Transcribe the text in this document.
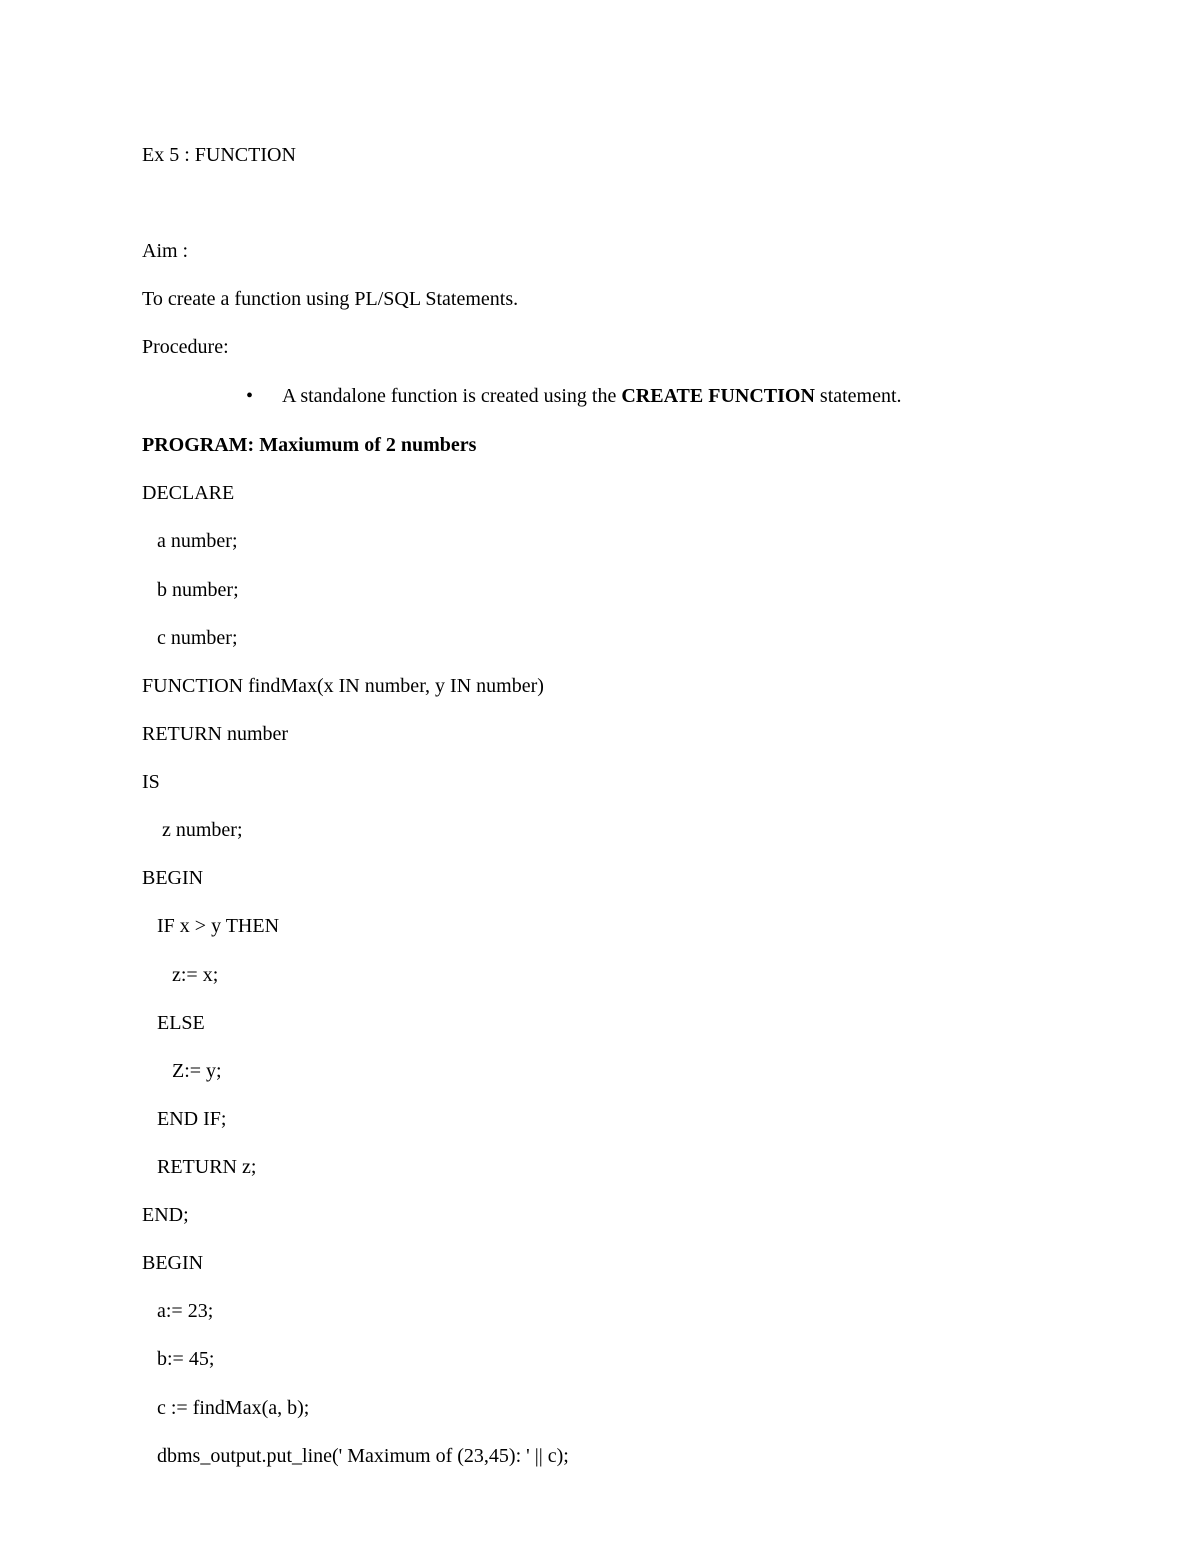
Ex 5 : FUNCTION
Aim :
To create a function using PL/SQL Statements.
Procedure:
• A standalone function is created using the CREATE FUNCTION statement.
PROGRAM: Maxiumum of 2 numbers
DECLARE
a number;
b number;
c number;
FUNCTION findMax(x IN number, y IN number)
RETURN number
IS
z number;
BEGIN
IF x > y THEN
z:= x;
ELSE
Z:= y;
END IF;
RETURN z;
END;
BEGIN
a:= 23;
b:= 45;
c := findMax(a, b);
dbms_output.put_line(' Maximum of (23,45): ' || c);
